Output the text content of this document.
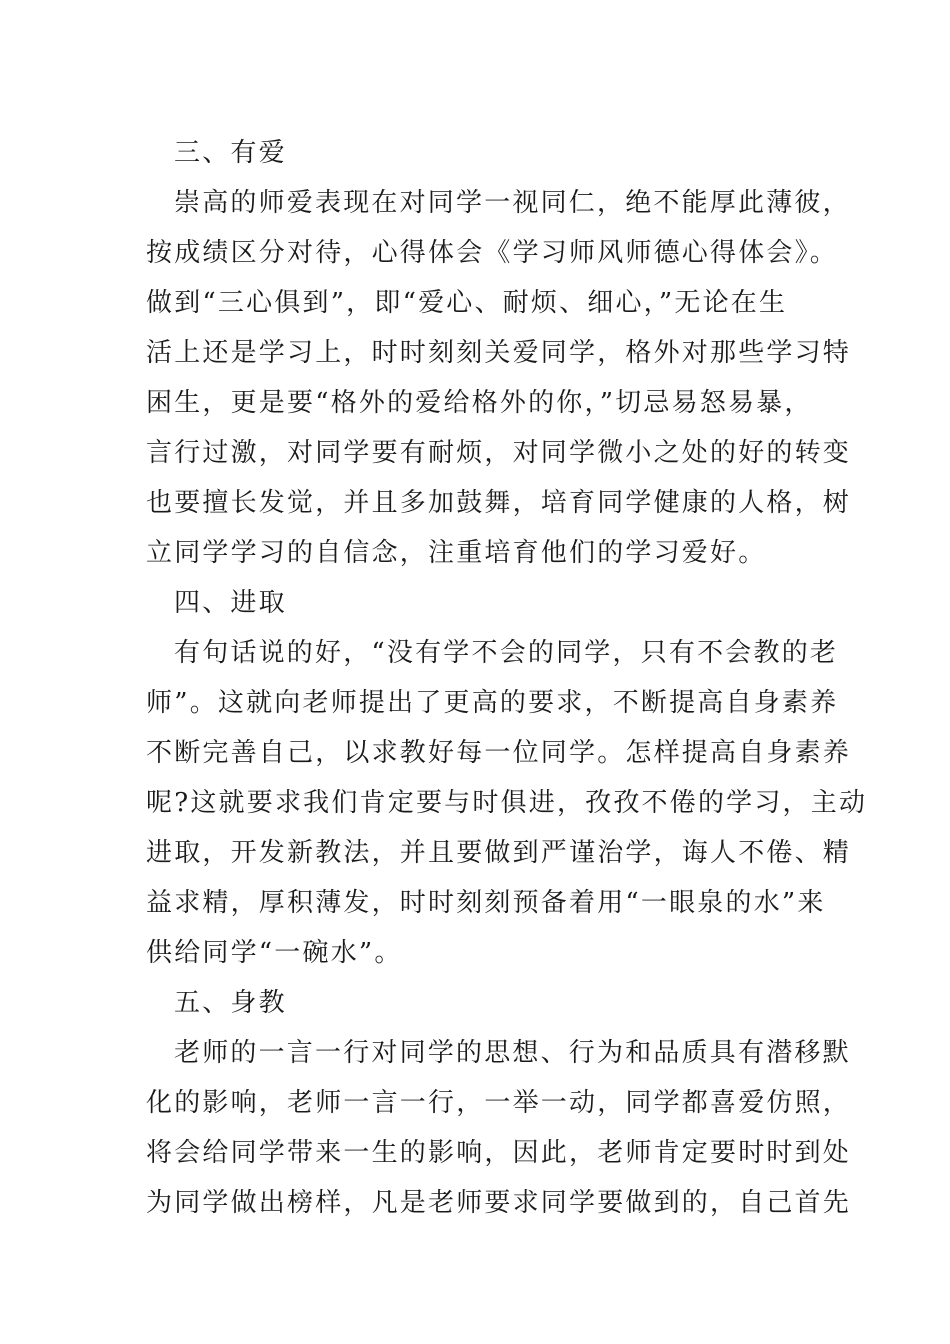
三、有爱
崇高的师爱表现在对同学一视同仁，绝不能厚此薄彼，
按成绩区分对待，心得体会《学习师风师德心得体会》。
做到“三心俱到”，即“爱心、耐烦、细心，”无论在生
活上还是学习上，时时刻刻关爱同学，格外对那些学习特
困生，更是要“格外的爱给格外的你，”切忌易怒易暴，
言行过激，对同学要有耐烦，对同学微小之处的好的转变
也要擅长发觉，并且多加鼓舞，培育同学健康的人格，树
立同学学习的自信念，注重培育他们的学习爱好。
四、进取
有句话说的好，“没有学不会的同学，只有不会教的老
师”。这就向老师提出了更高的要求，不断提高自身素养
不断完善自己，以求教好每一位同学。怎样提高自身素养
呢?这就要求我们肯定要与时俱进，孜孜不倦的学习，主动
进取，开发新教法，并且要做到严谨治学，诲人不倦、精
益求精，厚积薄发，时时刻刻预备着用“一眼泉的水”来
供给同学“一碗水”。
五、身教
老师的一言一行对同学的思想、行为和品质具有潜移默
化的影响，老师一言一行，一举一动，同学都喜爱仿照，
将会给同学带来一生的影响，因此，老师肯定要时时到处
为同学做出榜样，凡是老师要求同学要做到的，自己首先
